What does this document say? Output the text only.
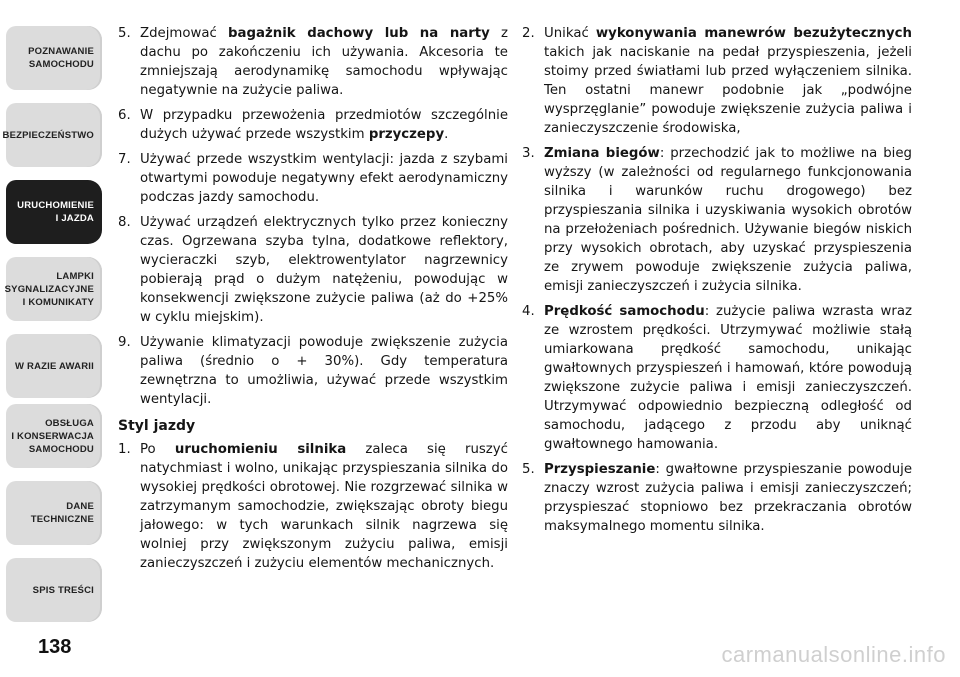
POZNAWANIE
SAMOCHODU
BEZPIECZEŃSTWO
URUCHOMIENIE
I JAZDA
LAMPKI
SYGNALIZACYJNE
I KOMUNIKATY
W RAZIE AWARII
OBSŁUGA
I KONSERWACJA
SAMOCHODU
DANE
TECHNICZNE
SPIS TREŚCI
138
5. Zdejmować bagażnik dachowy lub na narty z dachu po zakończeniu ich używania. Akcesoria te zmniejszają aerodynamikę samochodu wpływając negatywnie na zużycie paliwa.
6. W przypadku przewożenia przedmiotów szczególnie dużych używać przede wszystkim przyczepy.
7. Używać przede wszystkim wentylacji: jazda z szybami otwartymi powoduje negatywny efekt aerodynamiczny podczas jazdy samochodu.
8. Używać urządzeń elektrycznych tylko przez konieczny czas. Ogrzewana szyba tylna, dodatkowe reflektory, wycieraczki szyb, elektrowentylator nagrzewnicy pobierają prąd o dużym natężeniu, powodując w konsekwencji zwiększone zużycie paliwa (aż do +25% w cyklu miejskim).
9. Używanie klimatyzacji powoduje zwiększenie zużycia paliwa (średnio o + 30%). Gdy temperatura zewnętrzna to umożliwia, używać przede wszystkim wentylacji.
Styl jazdy
1. Po uruchomieniu silnika zaleca się ruszyć natychmiast i wolno, unikając przyspieszania silnika do wysokiej prędkości obrotowej. Nie rozgrzewać silnika w zatrzymanym samochodzie, zwiększając obroty biegu jałowego: w tych warunkach silnik nagrzewa się wolniej przy zwiększonym zużyciu paliwa, emisji zanieczyszczeń i zużyciu elementów mechanicznych.
2. Unikać wykonywania manewrów bezużytecznych takich jak naciskanie na pedał przyspieszenia, jeżeli stoimy przed światłami lub przed wyłączeniem silnika. Ten ostatni manewr podobnie jak „podwójne wysprzęglanie” powoduje zwiększenie zużycia paliwa i zanieczyszczenie środowiska,
3. Zmiana biegów: przechodzić jak to możliwe na bieg wyższy (w zależności od regularnego funkcjonowania silnika i warunków ruchu drogowego) bez przyspieszania silnika i uzyskiwania wysokich obrotów na przełożeniach pośrednich. Używanie biegów niskich przy wysokich obrotach, aby uzyskać przyspieszenia ze zrywem powoduje zwiększenie zużycia paliwa, emisji zanieczyszczeń i zużycia silnika.
4. Prędkość samochodu: zużycie paliwa wzrasta wraz ze wzrostem prędkości. Utrzymywać możliwie stałą umiarkowana prędkość samochodu, unikając gwałtownych przyspieszeń i hamowań, które powodują zwiększone zużycie paliwa i emisji zanieczyszczeń. Utrzymywać odpowiednio bezpieczną odległość od samochodu, jadącego z przodu aby uniknąć gwałtownego hamowania.
5. Przyspieszanie: gwałtowne przyspieszanie powoduje znaczy wzrost zużycia paliwa i emisji zanieczyszczeń; przyspieszać stopniowo bez przekraczania obrotów maksymalnego momentu silnika.
carmanualsonline.info
